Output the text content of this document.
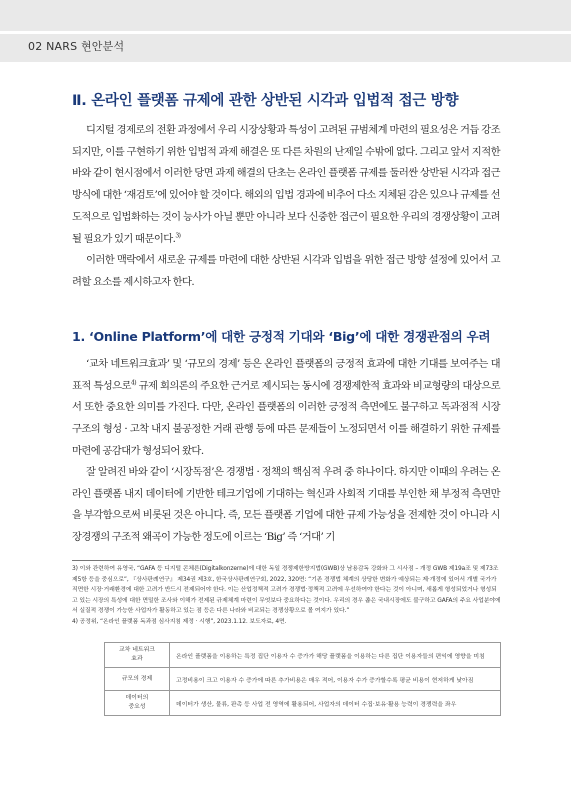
02 NARS 현안분석
Ⅱ. 온라인 플랫폼 규제에 관한 상반된 시각과 입법적 접근 방향

디지털 경제로의 전환 과정에서 우리 시장상황과 특성이 고려된 규범체계 마련의 필요성은 거듭 강조되지만, 이를 구현하기 위한 입법적 과제 해결은 또 다른 차원의 난제일 수밖에 없다. 그리고 앞서 지적한 바와 같이 현시점에서 이러한 당면 과제 해결의 단초는 온라인 플랫폼 규제를 둘러싼 상반된 시각과 접근 방식에 대한 ‘재검토’에 있어야 할 것이다. 해외의 입법 경과에 비추어 다소 지체된 감은 있으나 규제를 선도적으로 입법화하는 것이 능사가 아닐 뿐만 아니라 보다 신중한 접근이 필요한 우리의 경쟁상황이 고려될 필요가 있기 때문이다.$^{3)}$

이러한 맥락에서 새로운 규제를 마련에 대한 상반된 시각과 입법을 위한 접근 방향 설정에 있어서 고려할 요소를 제시하고자 한다.

1. ‘Online Platform’에 대한 긍정적 기대와 ‘Big’에 대한 경쟁관점의 우려

‘교차 네트워크효과’ 및 ‘규모의 경제’ 등은 온라인 플랫폼의 긍정적 효과에 대한 기대를 보여주는 대표적 특성으로$^{4)}$ 규제 회의론의 주요한 근거로 제시되는 동시에 경쟁제한적 효과와 비교형량의 대상으로서 또한 중요한 의미를 가진다. 다만, 온라인 플랫폼의 이러한 긍정적 측면에도 불구하고 독과점적 시장 구조의 형성 · 고착 내지 불공정한 거래 관행 등에 따른 문제들이 노정되면서 이를 해결하기 위한 규제를 마련에 공감대가 형성되어 왔다.

잘 알려진 바와 같이 ‘시장독점’은 경쟁법 · 정책의 핵심적 우려 중 하나이다. 하지만 이때의 우려는 온라인 플랫폼 내지 데이터에 기반한 테크기업에 기대하는 혁신과 사회적 기대를 부인한 채 부정적 측면만을 부각함으로써 비롯된 것은 아니다. 즉, 모든 플랫폼 기업에 대한 규제 가능성을 전제한 것이 아니라 시장경쟁의 구조적 왜곡이 가능한 정도에 이르는 ‘Big’ 즉 ‘거대’ 기

3) 이와 관련하여 유영국, “GAFA 등 디지털 콘체른(Digitalkonzerne)에 대한 독일 경쟁제한방지법(GWB)상 남용감독 강화와 그 시사점 – 개정 GWB 제19a조 및 제73조 제5항 등을 중심으로”, 『상사판례연구』 제34권 제3호, 한국상사판례연구회, 2022, 320면: “기존 경쟁법 체계의 상당한 변화가 예상되는 제·개정에 있어서 개별 국가가 직면한 시장·거래환경에 대한 고려가 반드시 전제되어야 한다. 이는 산업정책적 고려가 경쟁법·정책적 고려에 우선하여야 한다는 것이 아니며, 새롭게 형성되었거나 형성되고 있는 시장의 특성에 대한 면밀한 조사와 이해가 전제된 규제체계 마련이 무엇보다 중요하다는 것이다. 우리의 경우 좁은 국내시장에도 불구하고 GAFA의 주요 사업분야에서 실질적 경쟁이 가능한 사업자가 활동하고 있는 점 등은 다른 나라와 비교되는 경쟁상황으로 볼 여지가 있다.”

4) 공정위, “온라인 플랫폼 독과점 심사지침 제정 · 시행”, 2023.1.12. 보도자료, 4면.

교차 네트워크
효과	온라인 플랫폼을 이용하는 특정 집단 이용자 수 증가가 해당 플랫폼을 이용하는 다른 집단 이용자들의 편익에 영향을 미침
규모의 경제	고정비용이 크고 이용자 수 증가에 따른 추가비용은 매우 적어, 이용자 수가 증가할수록 평균 비용이 현저하게 낮아짐
데이터의
중요성	데이터가 생산, 물류, 판촉 등 사업 전 영역에 활용되어, 사업자의 데이터 수집·보유·활용 능력이 경쟁력을 좌우
